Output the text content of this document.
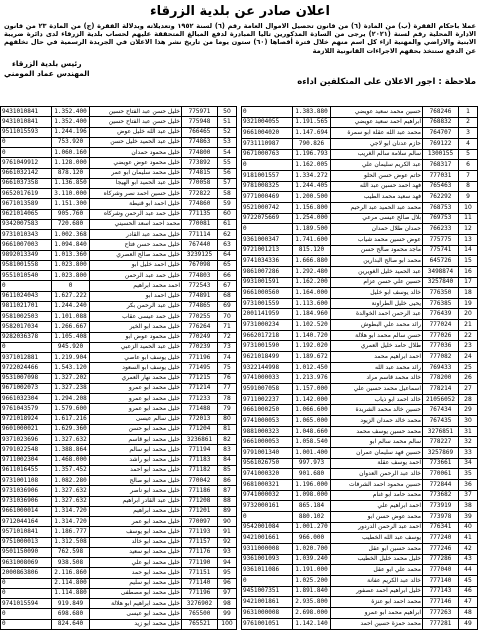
اعلان صادر عن بلدية الزرقاء
عملا باحكام الفقرة (ب) من المادة (٦) من قانون تحصيل الاموال العامة رقم (٦) لسنة ١٩٥٢ وتعديلاته وبدلالة الفقرة (ج) من المادة ٢٣ من قانون الادارة المحلية رقم لسنة (٢٠٢١) يرجى من السادة المذكورين تاليا المبادرة لدفع المبالغ المتحققة عليهم لحساب بلدية الزرقاء لدى دائرة ضريبة الابنية والاراضي والمهنية ازاء كل اسم منهم خلال فترة أقصاها (٦٠) ستون يوما من تاريخ نشر هذا الاعلان في الجريدة الرسمية في حال تخلفهم عن الدفع ستتخذ بحقهم الاجراءات القانونية اللازمة
ملاحظة : اجور الاعلان على المتكلفين اداءه
رئيس بلدية الزرقاء
المهندس عماد المومني
1	768246	حسين محمد سعيد عويضي	1.383.880	0
2	768832	ابراهيم احمد سعيد عويضي	1.191.565	9321004055
3	764707	محمد عبد الله عقلة ابو سمرة	1.147.694	9661004020
4	769122	حازم عدنان ابو لاجي	790.826	9731110987
5	1300155	سالم سلامة سالم الغريب	1.196.793	9671000763
6	768317	عبد الكريم سليمان علي	1.162.005	0
7	777031	حاتم عوض حسن الحلو	1.334.272	9181001557
8	765463	فهد احمد حسين عبد الله	1.244.405	9781008325
9	762292	فهد سعيد محمد الطيب	1.200.500	9771000469
10	768753	محمد عبد الحميد عبد الرحيم	1.156.800	9521000742
11	769753	بلال صالح عيسى مرعي	1.254.000	9722075669
12	766233	حمدان طلال حمدان	1.189.500	0
13	775775	عوض حسين محمد شياب	1.741.600	9361000347
14	775741	ماجد محمود صالح حسن	815.120	9721001213
15	645726	محمد ابو صالح البدارين	1.666.880	9741034336
16	3498874	عبد الحميد خليل الغويرين	1.292.480	9861007286
17	3257840	حسين علي حسن عزام	1.162.200	9931001591
18	776350	خالد يوسف ابو خليل	1.164.000	9661000560
19	776385	يحيى خليل الطراونة	1.113.600	9731001559
20	776439	عبد الرحمن احمد الخوالدة	1.184.960	2001141959
21	777024	رائد محمد علي البطوش	1.102.520	9731000234
22	777026	حسن سالم محمد ابو هلالة	1.140.720	9662017218
23	777036	طلال حامد خليل العمري	1.192.020	9731001590
24	777082	احمد ابراهيم محمد	1.189.672	9621018499
25	769433	رائد محمد عبد الله	1.012.450	9322144998
26	778200	خالد محمد قاسم مراد	1.213.976	9741000033
27	778214	اسماعيل محمد حسين علي	1.157.000	9591007058
28	21056052	خالد احمد ابو ذياب	1.142.000	9711002237
29	767434	حسين خالد محمد الشريدة	1.066.600	9661000250
30	767435	محمد خالد حمدان الزيود	1.065.000	9741000053
31	3276851	محمد حسين يوسف محمد	1.048.660	9881000323
32	778227	سالم محمد سالم ابو	1.058.540	9661000053
33	3257869	حسين فهد سليمان عمران	1.001.400	9791001340
34	773661	احمد يوسف عقلة	997.973	9561026750
35	770061	خالد عبد الرحمن العدوان	901.680	9741000320
36	772844	حسين محمود احمد الشرفات	1.196.000	9681000321
37	773682	محمد حامد ابو غنام	1.098.000	9741000032
38	773919	احمد ابراهيم علي	865.184	9732000161
39	773978	محمد عوض حسن ابو	880.102	0
40	776341	احمد عبد الرحمن الدردور	1.001.270	9542001084
41	777240	يوسف عبد الله الخطيب	966.000	9421001661
42	777246	محمد حسين ابو عقل	1.020.700	9311000008
43	777286	خليل محمد خليل الخطيب	1.039.240	9361001093
44	777040	محمد علي ابو عقل	1.191.000	9361011086
45	777140	خالد عبد الكريم عفانة	1.025.200	0
46	777143	خليل ابراهيم احمد عصفور	1.891.840	9451007351
47	777146	محمد احمد ابو عنزة	2.935.800	9421001861
48	777263	ابراهيم محمد ابو عمرو	2.698.000	9631000008
49	777281	محمد حمزة حسين احمد	1.142.140	9761001051
50	775971	خليل حسن عبد الفتاح حسين	1.352.400	9431010841
51	775948	خليل حسن عبد الفتاح حسين	1.352.400	9431010841
52	766465	خليل عبد الله خليل عوض	1.244.196	9511015593
53	774863	خليل عبد الحميد خليل حسن	753.920	0
54	774800	خليل محمود حمدان	1.060.160	0
55	773892	خليل محمود عوض عويضي	1.128.000	9761049912
56	774815	خليل محمد سليمان ابو عمر	878.120	9661032142
57	770058	خليل عبد الحميد ابو الهيجا	1.136.850	9661037358
58	772822	خليل حسين احمد نصر وشركاه	3.110.000	9652017619
59	774860	خليل احمد ابو قنيطة	1.151.300	9671013589
60	771135	خليل حمد عبد الرحمن وشركاه	905.760	9621014065
61	770081	محمد احمد اسعد الحسيني	720.680	9342007583
62	771114	خليل محمد عبد القادر	1.002.368	9731010343
63	767440	خليل محمد حسن فتاح	1.094.840	9661007003
64	3239125	خليل محمد صالح العصري	1.013.360	9892013349
65	767098	خليل احمد خليل ابو	1.023.800	9581001558
66	774803	خليل حمد عبد الرحمن	1.023.800	9551010540
67	772543	احمد محمد ابراهيم	0	0
68	774891	خليل احمد ابو	1.627.222	9611024043
69	774865	خليل عبد الرحمن بكر	1.244.240	9811021701
70	770255	خليل حمد عيسى عقاب	1.101.088	9581002503
71	776264	خليل محمد ابو الخير	1.266.667	9582017034
72	770249	خليل محمود عوض ابو	1.105.408	9282036378
73	770239	خليل عبد الحميد الزعبي	945.920	0
74	771196	خليل يوسف ابو عاصي	1.219.904	9371012881
75	771495	خليل يوسف ابو السعود	1.543.120	9722024466
76	771215	خليل محمد نهار العمري	1.327.202	9531007098
77	771214	خليل محمد ابو عمرو	1.327.238	9671002073
78	771233	خليل محمد ابو عمرو	1.294.208	9661032304
79	771488	خليل محمد ابو عمرو	1.579.600	9761043579
80	772013	خليل سالم عيسى	1.617.216	9721018924
81	771204	خليل محمد ابو حسن	1.629.360	9601000021
82	3236861	خليل محمد ابو قاسم	1.327.632	9371023696
83	771194	خليل محمد ابو سالم	1.388.864	9791022548
84	771183	خليل محمد ابو راشد	1.468.000	9711002304
85	771182	خليل محمد ابو احمد	1.357.452	9611016455
86	770042	خليل محمد ابو صالح	1.082.280	9731001108
87	771186	خليل محمد ابو ناصر	1.327.632	9731036906
88	771208	خليل عبد القادر ابراهيم	1.327.632	9731036906
89	771201	خليل محمد ابراهيم	1.314.720	9661000014
90	770097	خليل محمد ابو عمر	1.314.720	9712044164
91	771193	خليل محمد ابو يوسف	1.186.777	9571010841
92	771157	خليل محمد ابو خالد	1.312.508	9751000013
93	771176	خليل محمد ابو سعيد	762.598	9501150090
94	771190	خليل محمد ابو علي	938.508	9631008069
95	771151	خليل محمد ابو حمد	2.116.860	2000863806
96	771140	خليل محمد ابو سليم	2.114.800	0
97	771196	خليل محمد ابو مصطفى	1.114.880	0
98	3276902	خليل محمد ابراهيم ابو هلالة	919.849	9741015594
99	765500	خليل محمد ابو عيسى	698.680	0
100	765521	خليل محمد ابو زيد	824.640	0
